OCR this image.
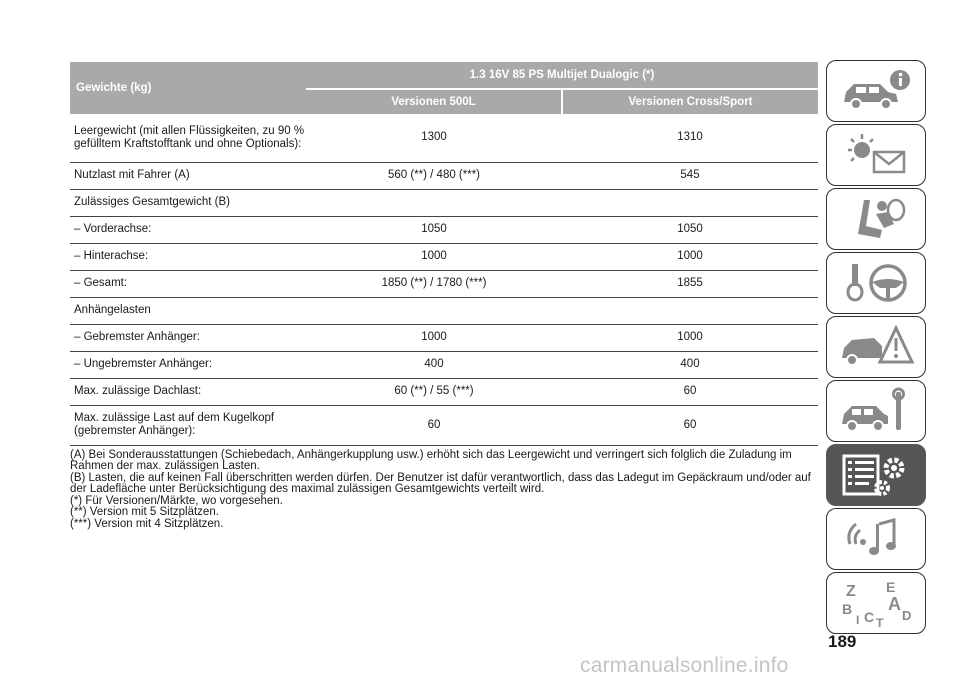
Gewichte (kg)	1.3 16V 85 PS Multijet Dualogic (*)	
	Versionen 500L	Versionen Cross/Sport
Leergewicht (mit allen Flüssigkeiten, zu 90 % gefülltem Kraftstofftank und ohne Optionals):	1300	1310
Nutzlast mit Fahrer (A)	560 (**) / 480 (***)	545
Zulässiges Gesamtgewicht (B)		
– Vorderachse:	1050	1050
– Hinterachse:	1000	1000
– Gesamt:	1850 (**) / 1780 (***)	1855
Anhängelasten		
– Gebremster Anhänger:	1000	1000
– Ungebremster Anhänger:	400	400
Max. zulässige Dachlast:	60 (**) / 55 (***)	60
Max. zulässige Last auf dem Kugelkopf (gebremster Anhänger):	60	60

(A) Bei Sonderausstattungen (Schiebedach, Anhängerkupplung usw.) erhöht sich das Leergewicht und verringert sich folglich die Zuladung im Rahmen der max. zulässigen Lasten.

(B) Lasten, die auf keinen Fall überschritten werden dürfen. Der Benutzer ist dafür verantwortlich, dass das Ladegut im Gepäckraum und/oder auf der Ladefläche unter Berücksichtigung des maximal zulässigen Gesamtgewichts verteilt wird.

(*) Für Versionen/Märkte, wo vorgesehen.

(**) Version mit 5 Sitzplätzen.

(***) Version mit 4 Sitzplätzen.

Z E
A
B	D
C T
I
189
carmanualsonline.info
